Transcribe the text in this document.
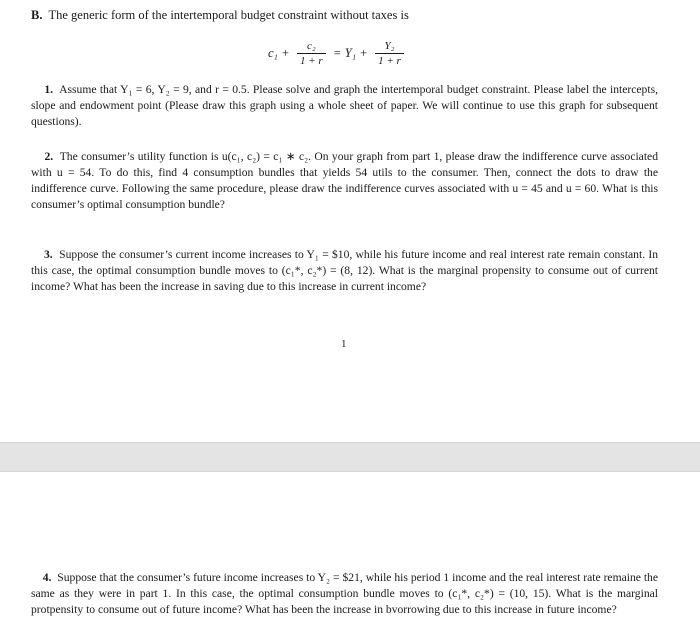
B. The generic form of the intertemporal budget constraint without taxes is
$c_1 + \frac{\text{c₂}}{1 + r} = Y_1 + \frac{\text{Y₂}}{1 + r}$
1. Assume that Y₁ = 6, Y₂ = 9, and r = 0.5. Please solve and graph the intertemporal budget constraint. Please label the intercepts, slope and endowment point (Please draw this graph using a whole sheet of paper. We will continue to use this graph for subsequent questions).
2. The consumer’s utility function is u(c₁, c₂) = c₁ ∗ c₂. On your graph from part 1, please draw the indifference curve associated with u = 54. To do this, find 4 consumption bundles that yields 54 utils to the consumer. Then, connect the dots to draw the indifference curve. Following the same procedure, please draw the indifference curves associated with u = 45 and u = 60. What is this consumer’s optimal consumption bundle?
3. Suppose the consumer’s current income increases to Y₁ = $10, while his future income and real interest rate remain constant. In this case, the optimal consumption bundle moves to (c₁*, c₂*) = (8, 12). What is the marginal propensity to consume out of current income? What has been the increase in saving due to this increase in current income?
1
4. Suppose that the consumer’s future income increases to Y₂ = $21, while his period 1 income and the real interest rate remaine the same as they were in part 1. In this case, the optimal consumption bundle moves to (c₁*, c₂*) = (10, 15). What is the marginal protpensity to consume out of future income? What has been the increase in bvorrowing due to this increase in future income?
